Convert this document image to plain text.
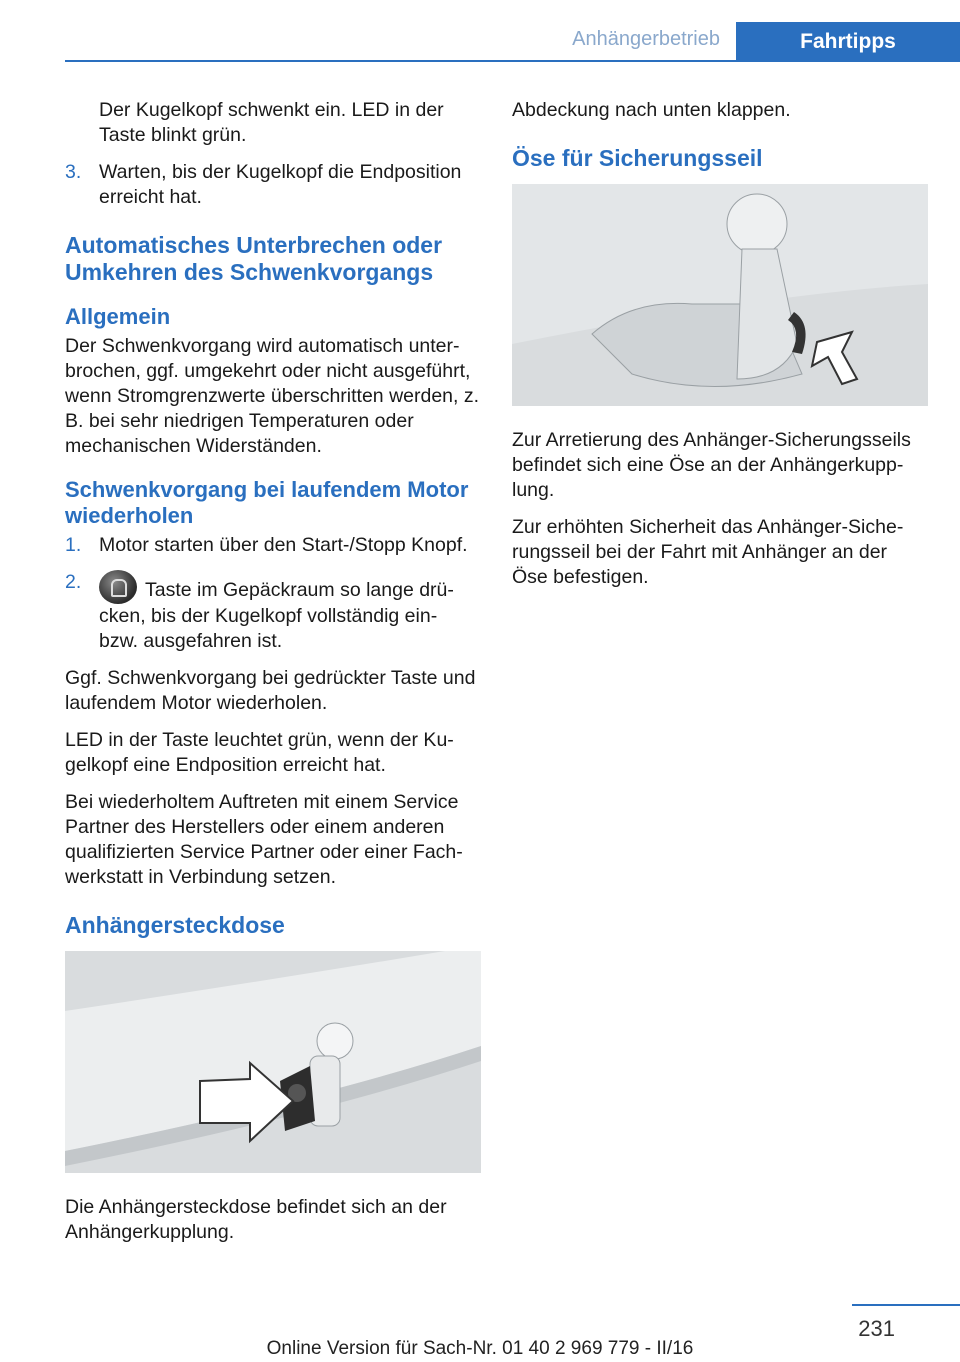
Anhängerbetrieb	Fahrtipps

Der Kugelkopf schwenkt ein. LED in der Taste blinkt grün.

3. Warten, bis der Kugelkopf die Endposition erreicht hat.
Automatisches Unterbrechen oder Umkehren des Schwenkvorgangs
Allgemein

Der Schwenkvorgang wird automatisch unterbrochen, ggf. umgekehrt oder nicht ausgeführt, wenn Stromgrenzwerte überschritten werden, z. B. bei sehr niedrigen Temperaturen oder mechanischen Widerständen.

Schwenkvorgang bei laufendem Motor wiederholen
1. Motor starten über den Start-/Stopp Knopf.
2.	Taste im Gepäckraum so lange drücken, bis der Kugelkopf vollständig ein- bzw. ausgefahren ist.

Ggf. Schwenkvorgang bei gedrückter Taste und laufendem Motor wiederholen.

LED in der Taste leuchtet grün, wenn der Kugelkopf eine Endposition erreicht hat.

Bei wiederholtem Auftreten mit einem Service Partner des Herstellers oder einem anderen qualifizierten Service Partner oder einer Fachwerkstatt in Verbindung setzen.

Anhängersteckdose

Die Anhängersteckdose befindet sich an der Anhängerkupplung.

Abdeckung nach unten klappen.

Öse für Sicherungsseil

Zur Arretierung des Anhänger-Sicherungsseils befindet sich eine Öse an der Anhängerkupplung.

Zur erhöhten Sicherheit das Anhänger-Sicherungsseil bei der Fahrt mit Anhänger an der Öse befestigen.

231
Online Version für Sach-Nr. 01 40 2 969 779 - II/16
